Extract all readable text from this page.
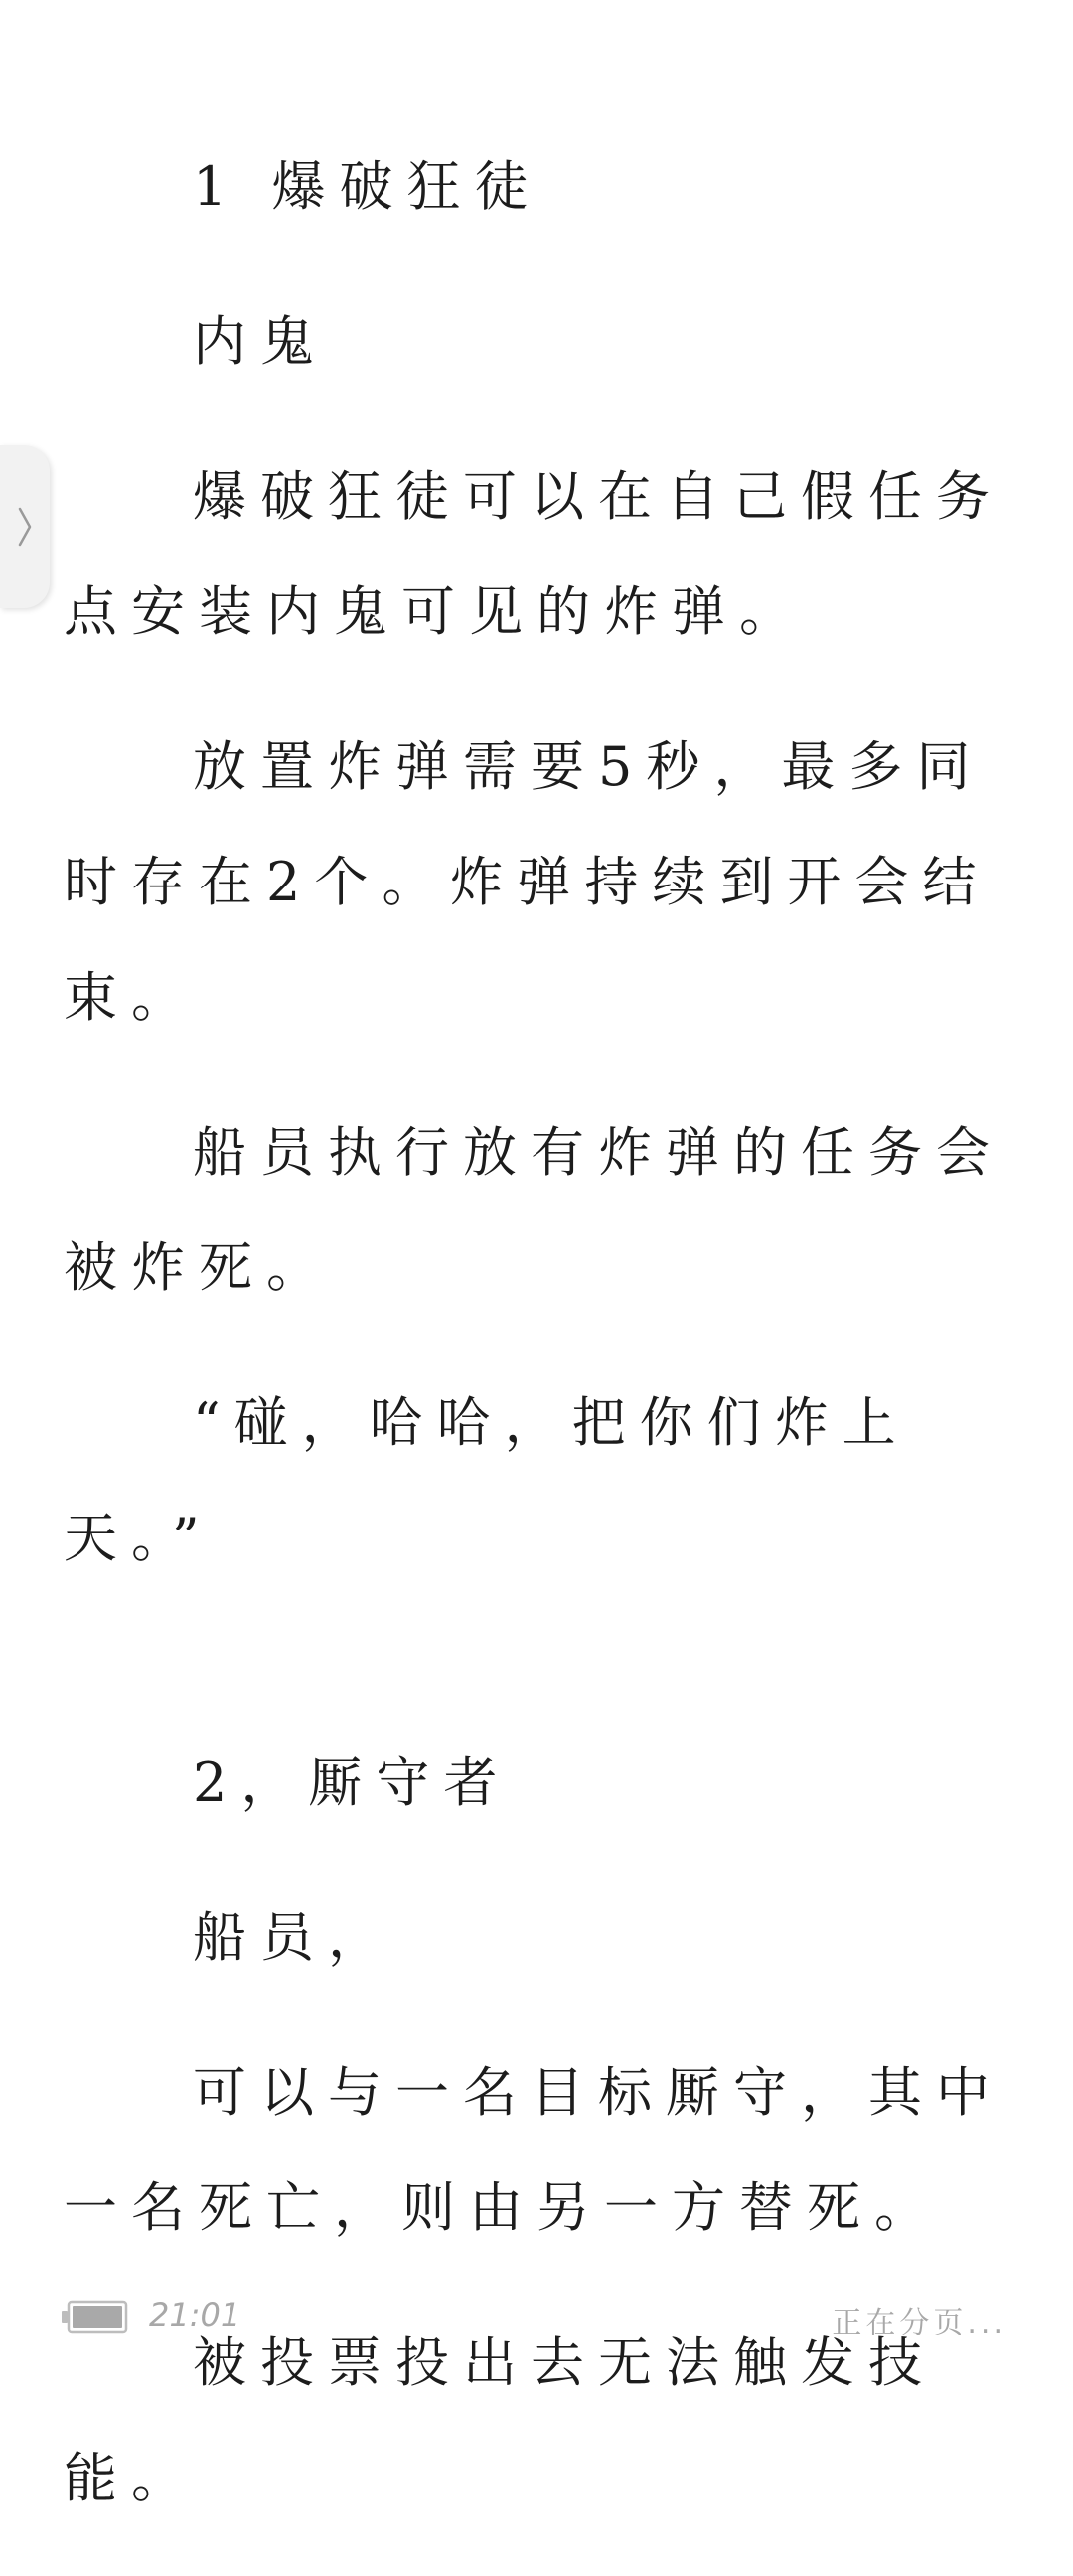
1 爆破狂徒

内鬼

爆破狂徒可以在自己假任务点安装内鬼可见的炸弹。

放置炸弹需要5秒，最多同时存在2个。炸弹持续到开会结束。

船员执行放有炸弹的任务会被炸死。

“碰，哈哈，把你们炸上天。”

2，厮守者

船员，

可以与一名目标厮守，其中一名死亡，则由另一方替死。

被投票投出去无法触发技能。

21:01	正在分页...
